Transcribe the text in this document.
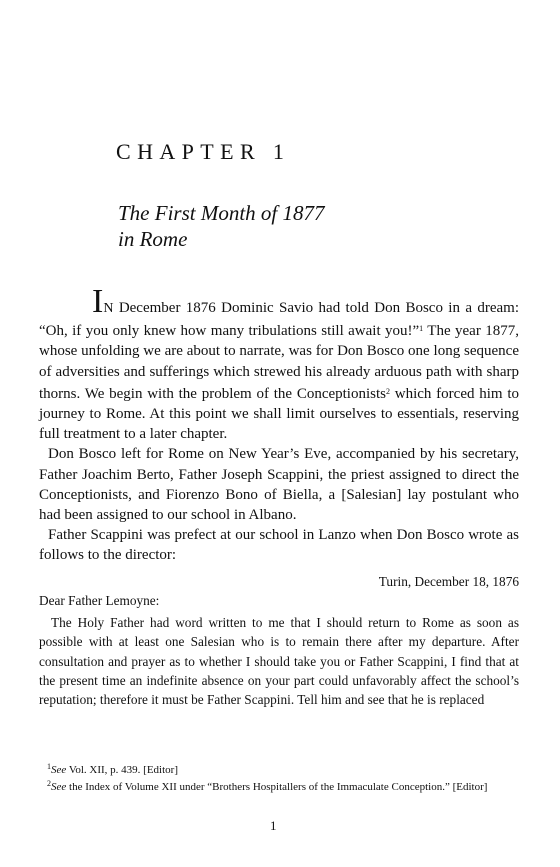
CHAPTER 1
The First Month of 1877
in Rome

IN December 1876 Dominic Savio had told Don Bosco in a dream: “Oh, if you only knew how many tribulations still await you!”$^1$ The year 1877, whose unfolding we are about to narrate, was for Don Bosco one long sequence of adversities and sufferings which strewed his already arduous path with sharp thorns. We begin with the problem of the Conceptionists$^2$ which forced him to journey to Rome. At this point we shall limit ourselves to essentials, reserving full treatment to a later chapter.

Don Bosco left for Rome on New Year’s Eve, accompanied by his secretary, Father Joachim Berto, Father Joseph Scappini, the priest assigned to direct the Conceptionists, and Fiorenzo Bono of Biella, a [Salesian] lay postulant who had been assigned to our school in Albano.

Father Scappini was prefect at our school in Lanzo when Don Bosco wrote as follows to the director:

Turin, December 18, 1876
Dear Father Lemoyne:

The Holy Father had word written to me that I should return to Rome as soon as possible with at least one Salesian who is to remain there after my departure. After consultation and prayer as to whether I should take you or Father Scappini, I find that at the present time an indefinite absence on your part could unfavorably affect the school’s reputation; therefore it must be Father Scappini. Tell him and see that he is replaced

$^1$See Vol. XII, p. 439. [Editor]

$^2$See the Index of Volume XII under “Brothers Hospitallers of the Immaculate Conception.” [Editor]

1
